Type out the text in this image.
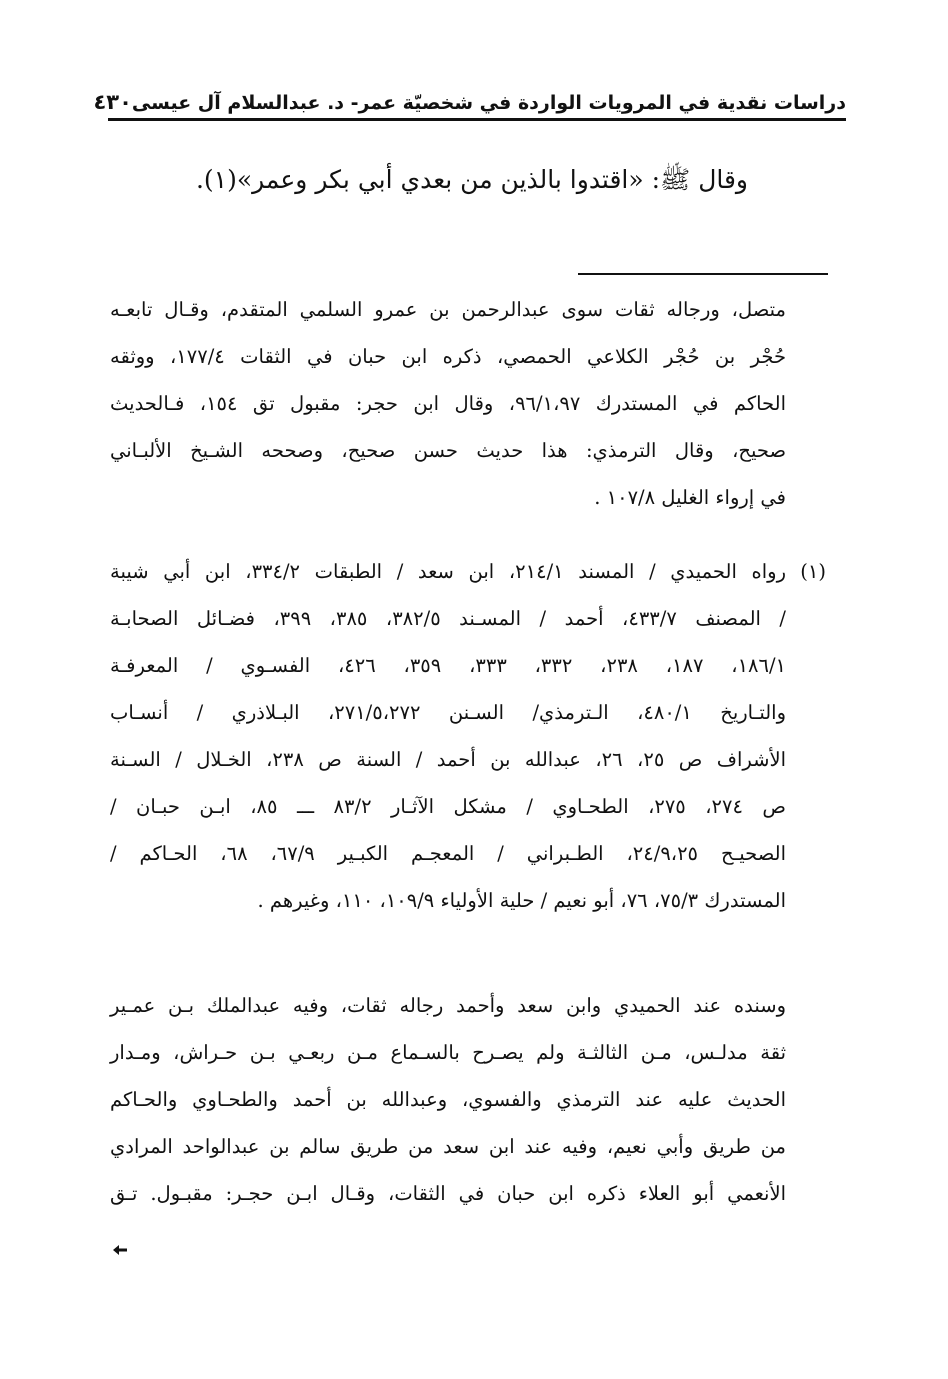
دراسات نقدية في المرويات الواردة في شخصيّة عمر- د. عبدالسلام آل عيسى
٤٣٠
وقال ﷺ: «اقتدوا بالذين من بعدي أبي بكر وعمر»(١).
متصل، ورجاله ثقات سوى عبدالرحمن بن عمرو السلمي المتقدم، وقـال تابعـه
حُجْر بن حُجْر الكلاعي الحمصي، ذكره ابن حبان في الثقات ١٧٧/٤، ووثقه
الحاكم في المستدرك ٩٦/١،٩٧، وقال ابن حجر: مقبول تق ١٥٤، فـالحديث
صحيح، وقال الترمذي: هذا حديث حسن صحيح، وصححه الشـيخ الألبـاني
في إرواء الغليل ١٠٧/٨ .
(١)
رواه الحميدي / المسند ٢١٤/١، ابن سعد / الطبقات ٣٣٤/٢، ابن أبي شيبة
/ المصنف ٤٣٣/٧، أحمد / المسـند ٣٨٢/٥، ٣٨٥، ٣٩٩، فضـائل الصحابـة
١٨٦/١، ١٨٧، ٢٣٨، ٣٣٢، ٣٣٣، ٣٥٩، ٤٢٦، الفسـوي / المعرفـة
والتـاريخ ٤٨٠/١، الـترمذي/ السـنن ٢٧١/٥،٢٧٢، البـلاذري / أنسـاب
الأشراف ص ٢٥، ٢٦، عبدالله بن أحمد / السنة ص ٢٣٨، الخـلال / السـنة
ص ٢٧٤، ٢٧٥، الطحـاوي / مشكل الآثـار ٨٣/٢ ـــ ٨٥، ابـن حبـان /
الصحيـح ٢٤/٩،٢٥، الطـبراني / المعجـم الكبـير ٦٧/٩، ٦٨، الحـاكم /
المستدرك ٧٥/٣، ٧٦، أبو نعيم / حلية الأولياء ١٠٩/٩، ١١٠، وغيرهم .
وسنده عند الحميدي وابن سعد وأحمد رجاله ثقات، وفيه عبدالملك بـن عمـير
ثقة مدلـس، مـن الثالثـة ولم يصـرح بالسـماع مـن ربعـي بـن حـراش، ومـدار
الحديث عليه عند الترمذي والفسوي، وعبدالله بن أحمد والطحـاوي والحـاكم
من طريق وأبي نعيم، وفيه عند ابن سعد من طريق سالم بن عبدالواحد المرادي
الأنعمي أبو العلاء ذكره ابن حبان في الثقات، وقـال ابـن حجـر: مقبـول. تـق
